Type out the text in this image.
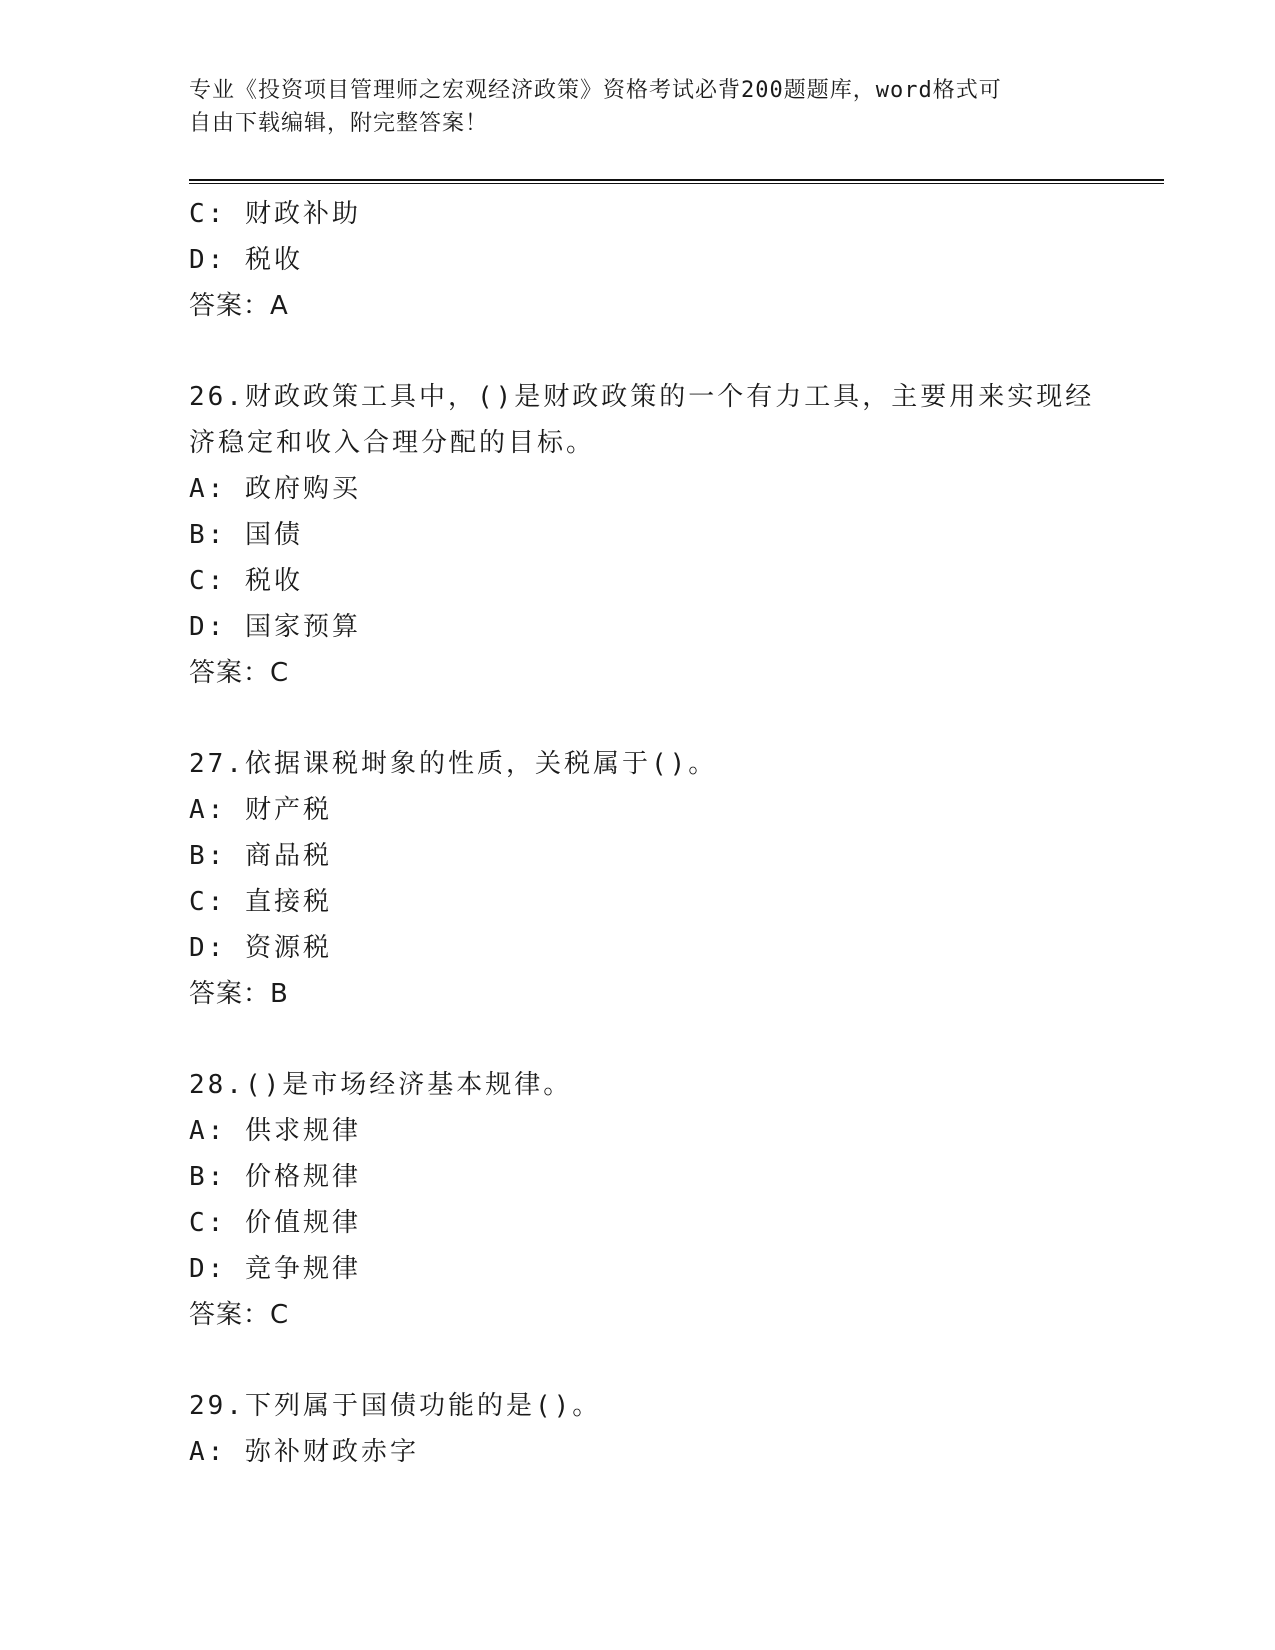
专业《投资项目管理师之宏观经济政策》资格考试必背200题题库，word格式可
自由下载编辑，附完整答案！
C: 财政补助
D: 税收
答案：A
26.财政政策工具中，()是财政政策的一个有力工具，主要用来实现经
济稳定和收入合理分配的目标。
A: 政府购买
B: 国债
C: 税收
D: 国家预算
答案：C
27.依据课税埘象的性质，关税属于()。
A: 财产税
B: 商品税
C: 直接税
D: 资源税
答案：B
28.()是市场经济基本规律。
A: 供求规律
B: 价格规律
C: 价值规律
D: 竞争规律
答案：C
29.下列属于国债功能的是()。
A: 弥补财政赤字
